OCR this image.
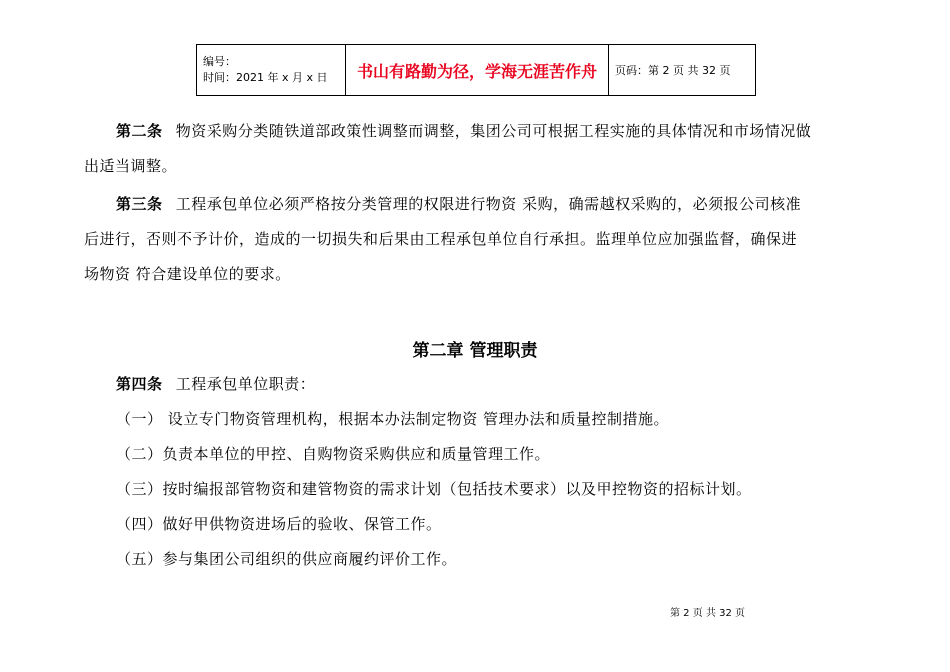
编号：
时间：2021 年 x 月 x 日	书山有路勤为径，学海无涯苦作舟	页码：第 2 页 共 32 页
第二条 物资采购分类随铁道部政策性调整而调整，集团公司可根据工程实施的具体情况和市场情况做
出适当调整。
第三条 工程承包单位必须严格按分类管理的权限进行物资 采购，确需越权采购的，必须报公司核准
后进行，否则不予计价，造成的一切损失和后果由工程承包单位自行承担。监理单位应加强监督，确保进
场物资 符合建设单位的要求。
第二章 管理职责
第四条 工程承包单位职责：
（一） 设立专门物资管理机构，根据本办法制定物资 管理办法和质量控制措施。
（二）负责本单位的甲控、自购物资采购供应和质量管理工作。
（三）按时编报部管物资和建管物资的需求计划（包括技术要求）以及甲控物资的招标计划。
（四）做好甲供物资进场后的验收、保管工作。
（五）参与集团公司组织的供应商履约评价工作。
第 2 页 共 32 页
